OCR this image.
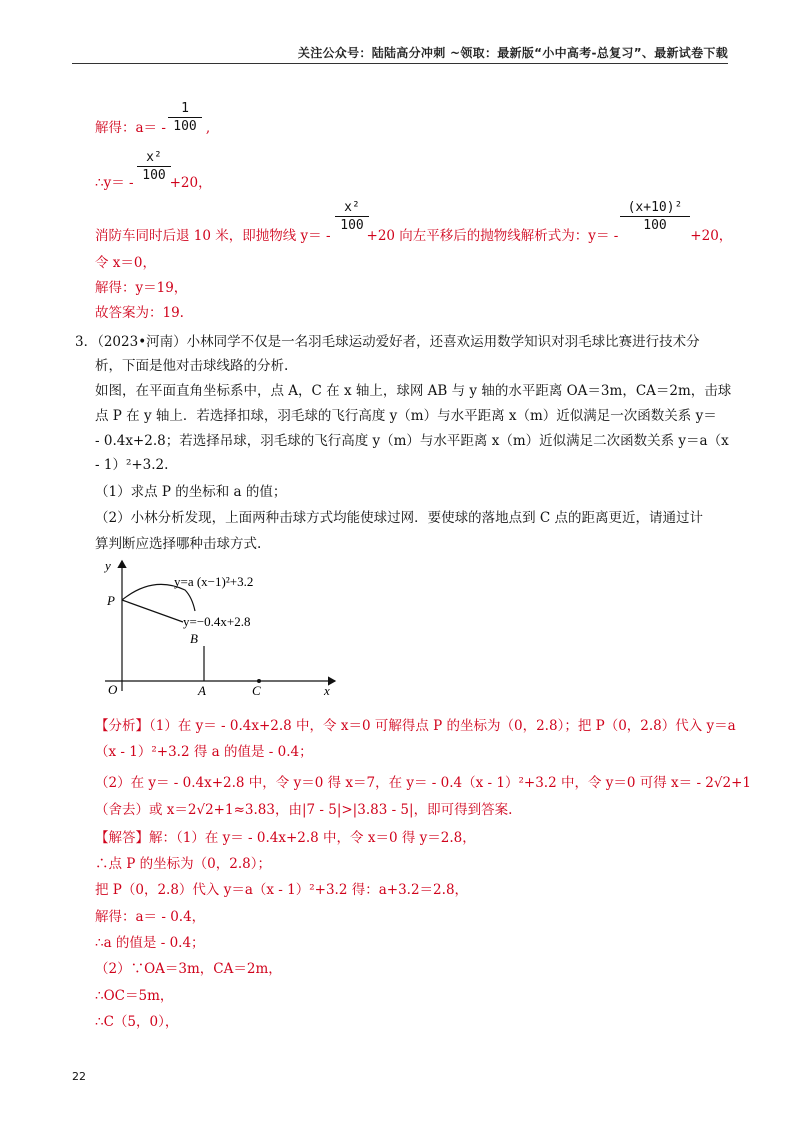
关注公众号：陆陆高分冲刺 ~领取：最新版“小中高考-总复习”、最新试卷下载
解得：a＝ -	,
$\frac{1}{100}$
∴y＝ -	+20，
$\frac{\text{x²}}{100}$
消防车同时后退 10 米，即抛物线 y＝ -	+20 向左平移后的抛物线解析式为：y＝ -	+20，
$\frac{\text{x²}}{100}$	$\frac{\text{(x+10)²}}{100}$
令 x＝0，
解得：y＝19，
故答案为：19.
3．（2023•河南）小林同学不仅是一名羽毛球运动爱好者，还喜欢运用数学知识对羽毛球比赛进行技术分
析，下面是他对击球线路的分析.
如图，在平面直角坐标系中，点 A，C 在 x 轴上，球网 AB 与 y 轴的水平距离 OA＝3m，CA＝2m，击球
点 P 在 y 轴上．若选择扣球，羽毛球的飞行高度 y（m）与水平距离 x（m）近似满足一次函数关系 y＝
- 0.4x+2.8；若选择吊球，羽毛球的飞行高度 y（m）与水平距离 x（m）近似满足二次函数关系 y＝a（x
- 1）²+3.2.
（1）求点 P 的坐标和 a 的值；
（2）小林分析发现，上面两种击球方式均能使球过网．要使球的落地点到 C 点的距离更近，请通过计
算判断应选择哪种击球方式.
y
x
O
P
B
A	C
y=a (x−1)²+3.2
y=−0.4x+2.8
【分析】（1）在 y＝ - 0.4x+2.8 中，令 x＝0 可解得点 P 的坐标为（0，2.8）；把 P（0，2.8）代入 y＝a
（x - 1）²+3.2 得 a 的值是 - 0.4；
（2）在 y＝ - 0.4x+2.8 中，令 y＝0 得 x＝7，在 y＝ - 0.4（x - 1）²+3.2 中，令 y＝0 可得 x＝ - 2√2+1
（舍去）或 x＝2√2+1≈3.83，由|7 - 5|>|3.83 - 5|，即可得到答案.
【解答】解：（1）在 y＝ - 0.4x+2.8 中，令 x＝0 得 y＝2.8，
∴点 P 的坐标为（0，2.8）；
把 P（0，2.8）代入 y＝a（x - 1）²+3.2 得：a+3.2＝2.8，
解得：a＝ - 0.4，
∴a 的值是 - 0.4；
（2）∵OA＝3m，CA＝2m，
∴OC＝5m，
∴C（5，0），
22
